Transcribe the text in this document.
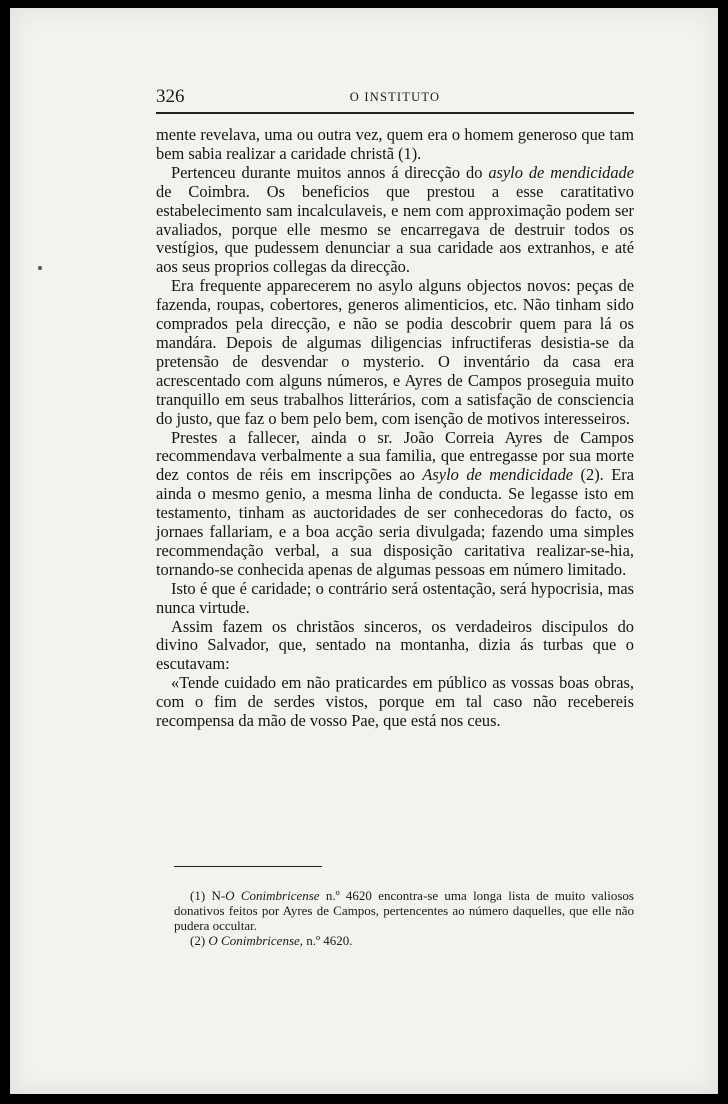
326	O INSTITUTO

mente revelava, uma ou outra vez, quem era o homem generoso que tam bem sabia realizar a caridade christã (1).

Pertenceu durante muitos annos á direcção do asylo de mendicidade de Coimbra. Os beneficios que prestou a esse caratitativo estabelecimento sam incalculaveis, e nem com approximação podem ser avaliados, porque elle mesmo se encarregava de destruir todos os vestígios, que pudessem denunciar a sua caridade aos extranhos, e até aos seus proprios collegas da direcção.

Era frequente apparecerem no asylo alguns objectos novos: peças de fazenda, roupas, cobertores, generos alimenticios, etc. Não tinham sido comprados pela direcção, e não se podia descobrir quem para lá os mandára. Depois de algumas diligencias infructiferas desistia-se da pretensão de desvendar o mysterio. O inventário da casa era acrescentado com alguns números, e Ayres de Campos proseguia muito tranquillo em seus trabalhos litterários, com a satisfação de consciencia do justo, que faz o bem pelo bem, com isenção de motivos interesseiros.

Prestes a fallecer, ainda o sr. João Correia Ayres de Campos recommendava verbalmente a sua familia, que entregasse por sua morte dez contos de réis em inscripções ao Asylo de mendicidade (2). Era ainda o mesmo genio, a mesma linha de conducta. Se legasse isto em testamento, tinham as auctoridades de ser conhecedoras do facto, os jornaes fallariam, e a boa acção seria divulgada; fazendo uma simples recommendação verbal, a sua disposição caritativa realizar-se-hia, tornando-se conhecida apenas de algumas pessoas em número limitado.

Isto é que é caridade; o contrário será ostentação, será hypocrisia, mas nunca virtude.

Assim fazem os christãos sinceros, os verdadeiros discipulos do divino Salvador, que, sentado na montanha, dizia ás turbas que o escutavam:

«Tende cuidado em não praticardes em público as vossas boas obras, com o fim de serdes vistos, porque em tal caso não recebereis recompensa da mão de vosso Pae, que está nos ceus.

(1) N-O Conimbricense n.º 4620 encontra-se uma longa lista de muito valiosos donativos feitos por Ayres de Campos, pertencentes ao número daquelles, que elle não pudera occultar.

(2) O Conimbricense, n.º 4620.
